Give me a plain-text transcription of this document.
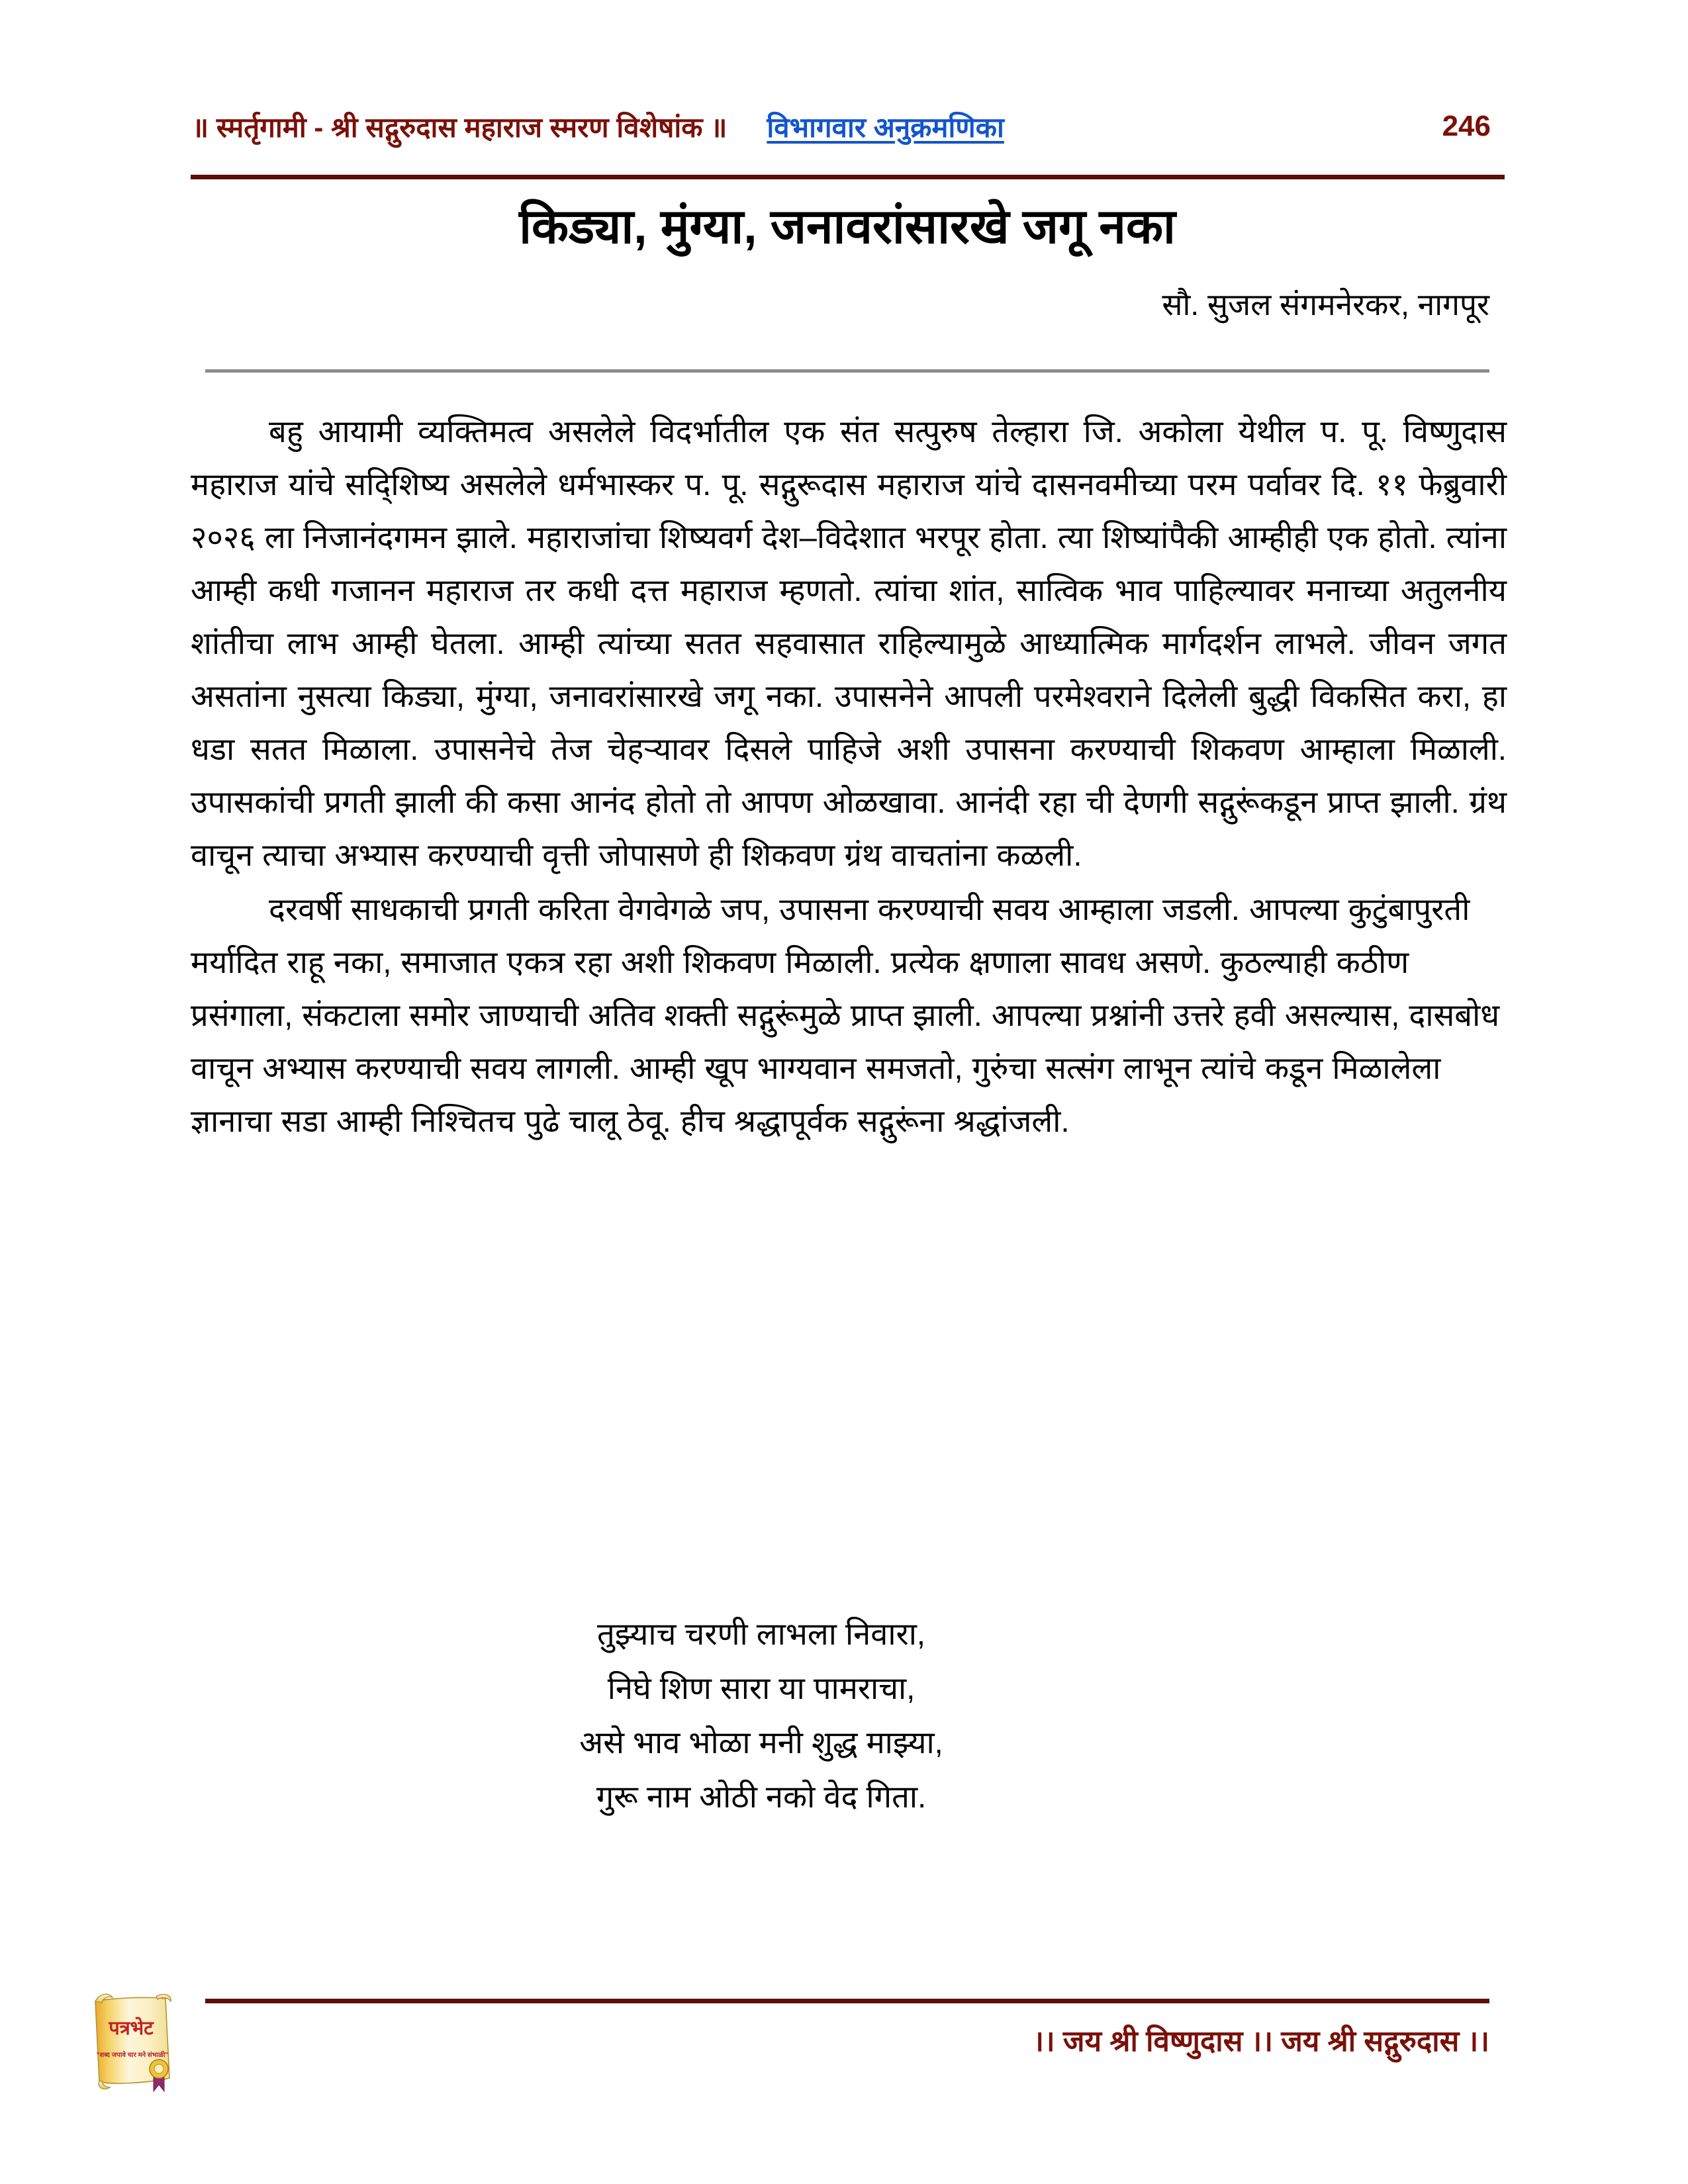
॥ स्मर्तृगामी - श्री सद्गुरुदास महाराज स्मरण विशेषांक ॥ विभागवार अनुक्रमणिका	246
किड्या, मुंग्या, जनावरांसारखे जगू नका
सौ. सुजल संगमनेरकर, नागपूर

बहु आयामी व्यक्तिमत्व असलेले विदर्भातील एक संत सत्पुरुष तेल्हारा जि. अकोला येथील प. पू. विष्णुदास महाराज यांचे सदि्शिष्य असलेले धर्मभास्कर प. पू. सद्गुरूदास महाराज यांचे दासनवमीच्या परम पर्वावर दि. ११ फेब्रुवारी २०२६ ला निजानंदगमन झाले. महाराजांचा शिष्यवर्ग देश–विदेशात भरपूर होता. त्या शिष्यांपैकी आम्हीही एक होतो. त्यांना आम्ही कधी गजानन महाराज तर कधी दत्त महाराज म्हणतो. त्यांचा शांत, सात्विक भाव पाहिल्यावर मनाच्या अतुलनीय शांतीचा लाभ आम्ही घेतला. आम्ही त्यांच्या सतत सहवासात राहिल्यामुळे आध्यात्मिक मार्गदर्शन लाभले. जीवन जगत असतांना नुसत्या किड्या, मुंग्या, जनावरांसारखे जगू नका. उपासनेने आपली परमेश्वराने दिलेली बुद्धी विकसित करा, हा धडा सतत मिळाला. उपासनेचे तेज चेहऱ्यावर दिसले पाहिजे अशी उपासना करण्याची शिकवण आम्हाला मिळाली. उपासकांची प्रगती झाली की कसा आनंद होतो तो आपण ओळखावा. आनंदी रहा ची देणगी सद्गुरूंकडून प्राप्त झाली. ग्रंथ वाचून त्याचा अभ्यास करण्याची वृत्ती जोपासणे ही शिकवण ग्रंथ वाचतांना कळली.

दरवर्षी साधकाची प्रगती करिता वेगवेगळे जप, उपासना करण्याची सवय आम्हाला जडली. आपल्या कुटुंबापुरती मर्यादित राहू नका, समाजात एकत्र रहा अशी शिकवण मिळाली. प्रत्येक क्षणाला सावध असणे. कुठल्याही कठीण प्रसंगाला, संकटाला समोर जाण्याची अतिव शक्ती सद्गुरूंमुळे प्राप्त झाली. आपल्या प्रश्नांनी उत्तरे हवी असल्यास, दासबोध वाचून अभ्यास करण्याची सवय लागली. आम्ही खूप भाग्यवान समजतो, गुरुंचा सत्संग लाभून त्यांचे कडून मिळालेला ज्ञानाचा सडा आम्ही निश्चितच पुढे चालू ठेवू. हीच श्रद्धापूर्वक सद्गुरूंना श्रद्धांजली.

तुझ्याच चरणी लाभला निवारा,
निघे शिण सारा या पामराचा,
असे भाव भोळा मनी शुद्ध माझ्या,
गुरू नाम ओठी नको वेद गिता.
।। जय श्री विष्णुदास ।। जय श्री सद्गुरुदास ।।
पत्रभेट
"शब्द जपावे चार मने संभाळी"
